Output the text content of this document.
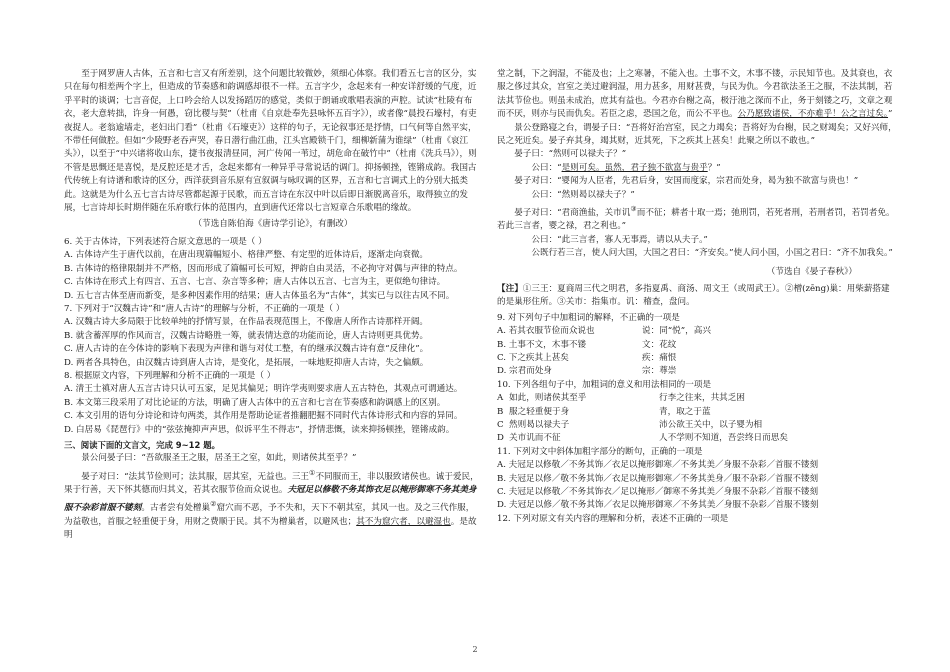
至于网罗唐人古体，五言和七言又有所差别，这个问题比较微妙，须细心体察。我们看五七言的区分，实只在每句相差两个字上，但造成的节奏感和韵调感却很不一样。五言字少，念起来有一种安详舒缓的气度，近乎平时的谈调；七言音促，上口吟会给人以发扬蹈厉的感觉，类似于朗诵或歌唱表演的声腔。试读“杜陵有布衣，老大意转拙，许身一何愚，窃比稷与契”（杜甫《自京赴奉先县咏怀五百字》），或者像“晨投石壕村，有吏夜捉人。老翁逾墙走，老妇出门看”（杜甫《石壕吏》）这样的句子，无论叙事还是抒情，口气何等自然平实，不带任何做腔。但如“少陵野老吞声哭，春日潜行曲江曲，江头宫殿锁千门，细柳新蒲为谁绿”（杜甫《哀江头》），以至于“中兴诸将收山东，捷书夜报清昼同，河广传闻一苇过，胡危命在破竹中”（杜甫《洗兵马》），则不管是思慨还是喜悦，是反腔还是才舌，念起来都有一种异乎寻常说话的调门。抑扬顿挫，铿锵成韵。我国古代传统上有诗谱和歌诗的区分，西洋获到音乐原有宣叙调与咏叹调的区界，五言和七言调式上的分别大抵类此。这就是为什么五七言古诗尽管都起源于民歌，而五言诗在东汉中叶以后即日渐脱离音乐，取得独立的发展，七言诗却长时期伴随在乐府歌行体的范围内，直到唐代还常以七言短章合乐歌唱的缘故。

（节选自陈伯海《唐诗学引论》，有删改）

6. 关于古体诗，下列表述符合原文意思的一项是（ ）

A. 古体诗产生于唐代以前，在唐出现篇幅短小、格律严整、有定型的近体诗后，逐渐走向衰微。

B. 古体诗的格律限制并不严格，因而形成了篇幅可长可短，押韵自由灵活，不必拘守对偶与声律的特点。

C. 古体诗在形式上有四言、五言、七言、杂言等多种；唐人古体以五言、七言为主，更似绝句律诗。

D. 五七言古体至唐而新变，是多种因素作用的结果；唐人古体虽名为“古体”，其实已与以往古风不同。

7. 下列对于“汉魏古诗”和“唐人古诗”的理解与分析，不正确的一项是（ ）

A. 汉魏古诗大多局限于比较单纯的抒情写景，在作品表现范围上，不像唐人所作古诗那样开阔。

B. 就含蓄浑厚的作风而言，汉魏古诗略胜一筹，就表情达意的功能而论，唐人古诗则更具优势。

C. 唐人古诗的在今体诗的影响下表现为声律和谐与对仗工整，有的继承汉魏古诗有意“反律化”。

D. 两者各具特色，由汉魏古诗到唐人古诗，是变化，是拓展，一味地贬抑唐人古诗，失之偏颇。

8. 根据原文内容，下列理解和分析不正确的一项是（ ）

A. 清王士禛对唐人五言古诗只认可五家，足见其偏见；明许学夷则要求唐人五古特色，其观点可谓通达。

B. 本文第三段采用了对比论证的方法，明确了唐人古体中的五言和七言在节奏感和韵调感上的区别。

C. 本文引用的语句分诗论和诗句两类，其作用是帮助论证者推翻肥掘不同时代古体诗形式和内容的异同。

D. 白居易《琵琶行》中的“弦弦掩抑声声思，似诉平生不得志”，抒情悲慨，读来抑扬顿挫，铿锵成韵。

三、阅读下面的文言文，完成 9~12 题。

景公问晏子曰：“吾欲服圣王之服，居圣王之室，如此，则诸侯其至乎？”

晏子对曰：“法其节俭则可；法其服，居其室，无益也。三王①不同服而王，非以服致诸侯也。诚于爱民，果于行善，天下怀其德而归其义，若其衣服节俭而众说也。夫冠足以修敬不务其饰衣足以掩形御寒不务其美身服不杂彩首服不镂刻。古者尝有处橧巢②窟穴而不恶，予不失和，天下不朝其室，其风一也。及之三代作服，为益敬也，首服之轻重便于身，用财之费顺于民。其不为橧巢者，以避风也；其不为窟穴者，以避湿也。是故明

堂之制，下之润湿，不能及也；上之寒暑，不能入也。土事不文，木事不镂，示民知节也。及其衰也，衣服之侈过其众，宫室之美过避润湿，用力甚多，用财甚费，与民为仇。今君欲法圣王之服，不法其制，若法其节俭也。则虽未成治，庶其有益也。今君亦台榭之高，极汙池之深而不止，务于刻镂之巧，文章之观而不厌，则亦与民而仇矣。若臣之虑，恐国之危，而公不平也。公乃愿致诸侯，不亦难乎！公之言过矣。”

景公登路寝之台，谓晏子曰：“吾将好治宫室，民之力竭矣；吾将好为台榭，民之财竭矣；又好兴师，民之死近矣。晏子弃其身，竭其财，近其死，下之疾其上甚矣！此聚之所以不敢也。”

晏子曰：“然则可以禄夫子？”

公曰：“是则可矣。虽然，君子独不欲富与贵乎？”

晏子对曰：“婴闻为人臣者，先君后身，安国而度家，宗君而处身，曷为独不欲富与贵也！”

公曰：“然则曷以禄夫子？”

晏子对曰：“君商渔盐，关市讥③而不征；耕者十取一焉；弛刑罚，若死者刑，若刑者罚，若罚者免。若此三言者，婴之禄，君之利也。”

公曰：“此三言者，寡人无事焉，请以从夫子。”

公既行若三言，使人问大国，大国之君曰：“齐安矣。”使人问小国，小国之君曰：“齐不加我矣。”

（节选自《晏子春秋》）

【注】①三王：夏商周三代之明君，多指夏禹、商汤、周文王（或周武王）。②橧(zēng)巢：用柴薪搭建的是巢形住所。③关市：指集市。讥：稽查，盘问。

9. 对下列句子中加粗词的解释，不正确的一项是

A. 若其衣服节俭而众说也	说：同“悦”，高兴
B. 土事不文，木事不镂	文：花纹
C. 下之疾其上甚矣	疾：痛恨
D. 宗君而处身	宗：尊崇

10. 下列各组句子中，加粗词的意义和用法相同的一项是

A 如此，则诸侯其至乎	行李之往来，共其乏困
B 服之轻重便于身	青，取之于蓝
C 然则曷以禄夫子	沛公欲王关中，以子婴为相
D 关市讥而不征	人不学则不知道，吾尝终日而思矣

11. 下列对文中斜体加粗字部分的断句，正确的一项是

A. 夫冠足以修敬／不务其饰／衣足以掩形御寒／不务其美／身服不杂彩／首服不镂刻

B. 夫冠足以修／敬不务其饰／衣足以掩形御寒／不务其美身／服不杂彩／首服不镂刻

C. 夫冠足以修敬／不务其饰衣／足以掩形／御寒不务其美／身服不杂彩／首服不镂刻

D. 夫冠足以修／敬不务其饰／衣足以掩形御寒／不务其美／身服不杂彩／首服不镂刻

12. 下列对原文有关内容的理解和分析，表述不正确的一项是

2
